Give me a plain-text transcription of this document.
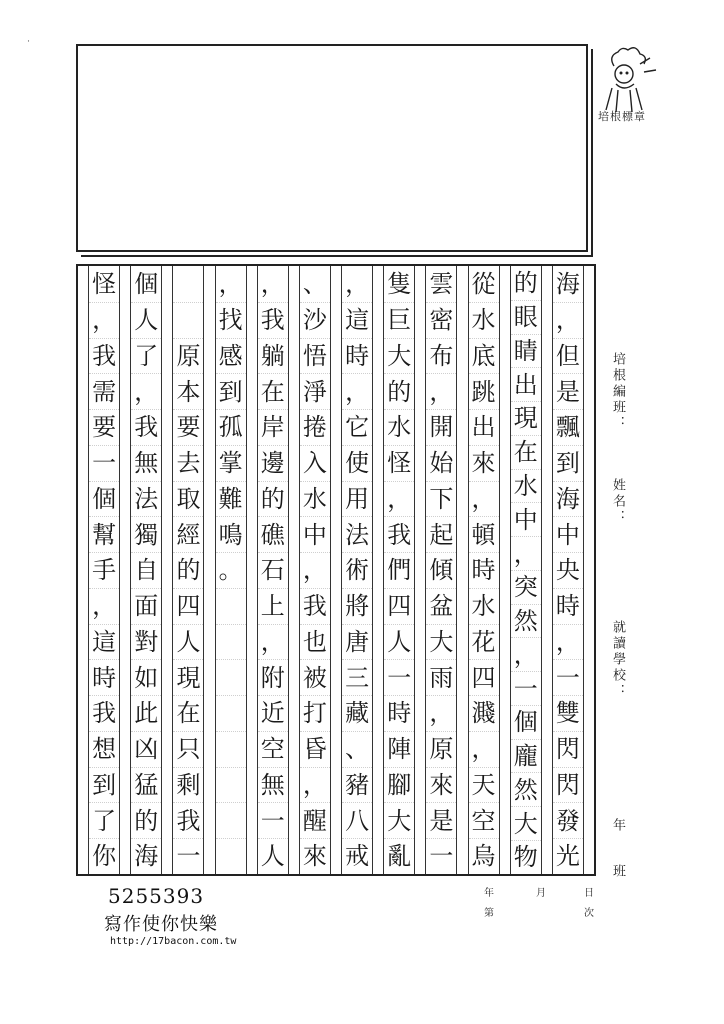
˙
培根標章
培根編班：
姓名：
就讀學校：
年
班
海
，
但
是
飄
到
海
中
央
時
，
一
雙
閃
閃
發
光
的
眼
睛
出
現
在
水
中
，
突
然
，
一
個
龐
然
大
物
從
水
底
跳
出
來
，
頓
時
水
花
四
濺
，
天
空
烏
雲
密
布
，
開
始
下
起
傾
盆
大
雨
，
原
來
是
一
隻
巨
大
的
水
怪
，
我
們
四
人
一
時
陣
腳
大
亂
，
這
時
，
它
使
用
法
術
將
唐
三
藏
、
豬
八
戒
、
沙
悟
淨
捲
入
水
中
，
我
也
被
打
昏
，
醒
來
，
我
躺
在
岸
邊
的
礁
石
上
，
附
近
空
無
一
人
，
找
感
到
孤
掌
難
鳴
。
原
本
要
去
取
經
的
四
人
現
在
只
剩
我
一
個
人
了
，
我
無
法
獨
自
面
對
如
此
凶
猛
的
海
怪
，
我
需
要
一
個
幫
手
，
這
時
我
想
到
了
你
5255393
寫作使你快樂
http://17bacon.com.tw
年	月	日
第	次
